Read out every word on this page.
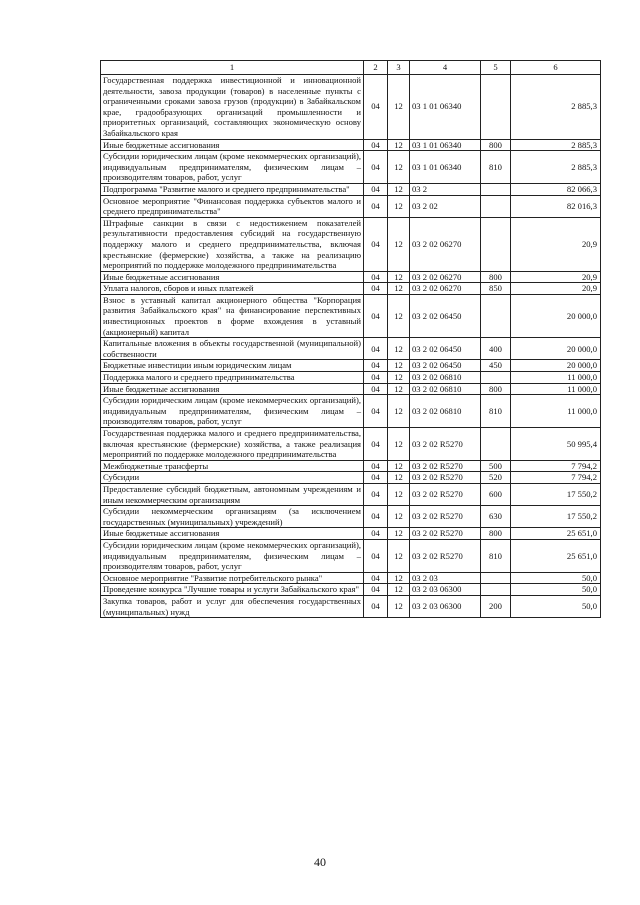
1	2	3	4	5	6
Государственная поддержка инвестиционной и инновационной деятельности, завоза продукции (товаров) в населенные пункты с ограниченными сроками завоза грузов (продукции) в Забайкальском крае, градообразующих организаций промышленности и приоритетных организаций, составляющих экономическую основу Забайкальского края	04	12	03 1 01 06340		2 885,3
Иные бюджетные ассигнования	04	12	03 1 01 06340	800	2 885,3
Субсидии юридическим лицам (кроме некоммерческих организаций), индивидуальным предпринимателям, физическим лицам – производителям товаров, работ, услуг	04	12	03 1 01 06340	810	2 885,3
Подпрограмма "Развитие малого и среднего предпринимательства"	04	12	03 2		82 066,3
Основное мероприятие "Финансовая поддержка субъектов малого и среднего предпринимательства"	04	12	03 2 02		82 016,3
Штрафные санкции в связи с недостижением показателей результативности предоставления субсидий на государственную поддержку малого и среднего предпринимательства, включая крестьянские (фермерские) хозяйства, а также на реализацию мероприятий по поддержке молодежного предпринимательства	04	12	03 2 02 06270		20,9
Иные бюджетные ассигнования	04	12	03 2 02 06270	800	20,9
Уплата налогов, сборов и иных платежей	04	12	03 2 02 06270	850	20,9
Взнос в уставный капитал акционерного общества "Корпорация развития Забайкальского края" на финансирование перспективных инвестиционных проектов в форме вхождения в уставный (акционерный) капитал	04	12	03 2 02 06450		20 000,0
Капитальные вложения в объекты государственной (муниципальной) собственности	04	12	03 2 02 06450	400	20 000,0
Бюджетные инвестиции иным юридическим лицам	04	12	03 2 02 06450	450	20 000,0
Поддержка малого и среднего предпринимательства	04	12	03 2 02 06810		11 000,0
Иные бюджетные ассигнования	04	12	03 2 02 06810	800	11 000,0
Субсидии юридическим лицам (кроме некоммерческих организаций), индивидуальным предпринимателям, физическим лицам – производителям товаров, работ, услуг	04	12	03 2 02 06810	810	11 000,0
Государственная поддержка малого и среднего предпринимательства, включая крестьянские (фермерские) хозяйства, а также реализация мероприятий по поддержке молодежного предпринимательства	04	12	03 2 02 R5270		50 995,4
Межбюджетные трансферты	04	12	03 2 02 R5270	500	7 794,2
Субсидии	04	12	03 2 02 R5270	520	7 794,2
Предоставление субсидий бюджетным, автономным учреждениям и иным некоммерческим организациям	04	12	03 2 02 R5270	600	17 550,2
Субсидии некоммерческим организациям (за исключением государственных (муниципальных) учреждений)	04	12	03 2 02 R5270	630	17 550,2
Иные бюджетные ассигнования	04	12	03 2 02 R5270	800	25 651,0
Субсидии юридическим лицам (кроме некоммерческих организаций), индивидуальным предпринимателям, физическим лицам – производителям товаров, работ, услуг	04	12	03 2 02 R5270	810	25 651,0
Основное мероприятие "Развитие потребительского рынка"	04	12	03 2 03		50,0
Проведение конкурса "Лучшие товары и услуги Забайкальского края"	04	12	03 2 03 06300		50,0
Закупка товаров, работ и услуг для обеспечения государственных (муниципальных) нужд	04	12	03 2 03 06300	200	50,0
40
